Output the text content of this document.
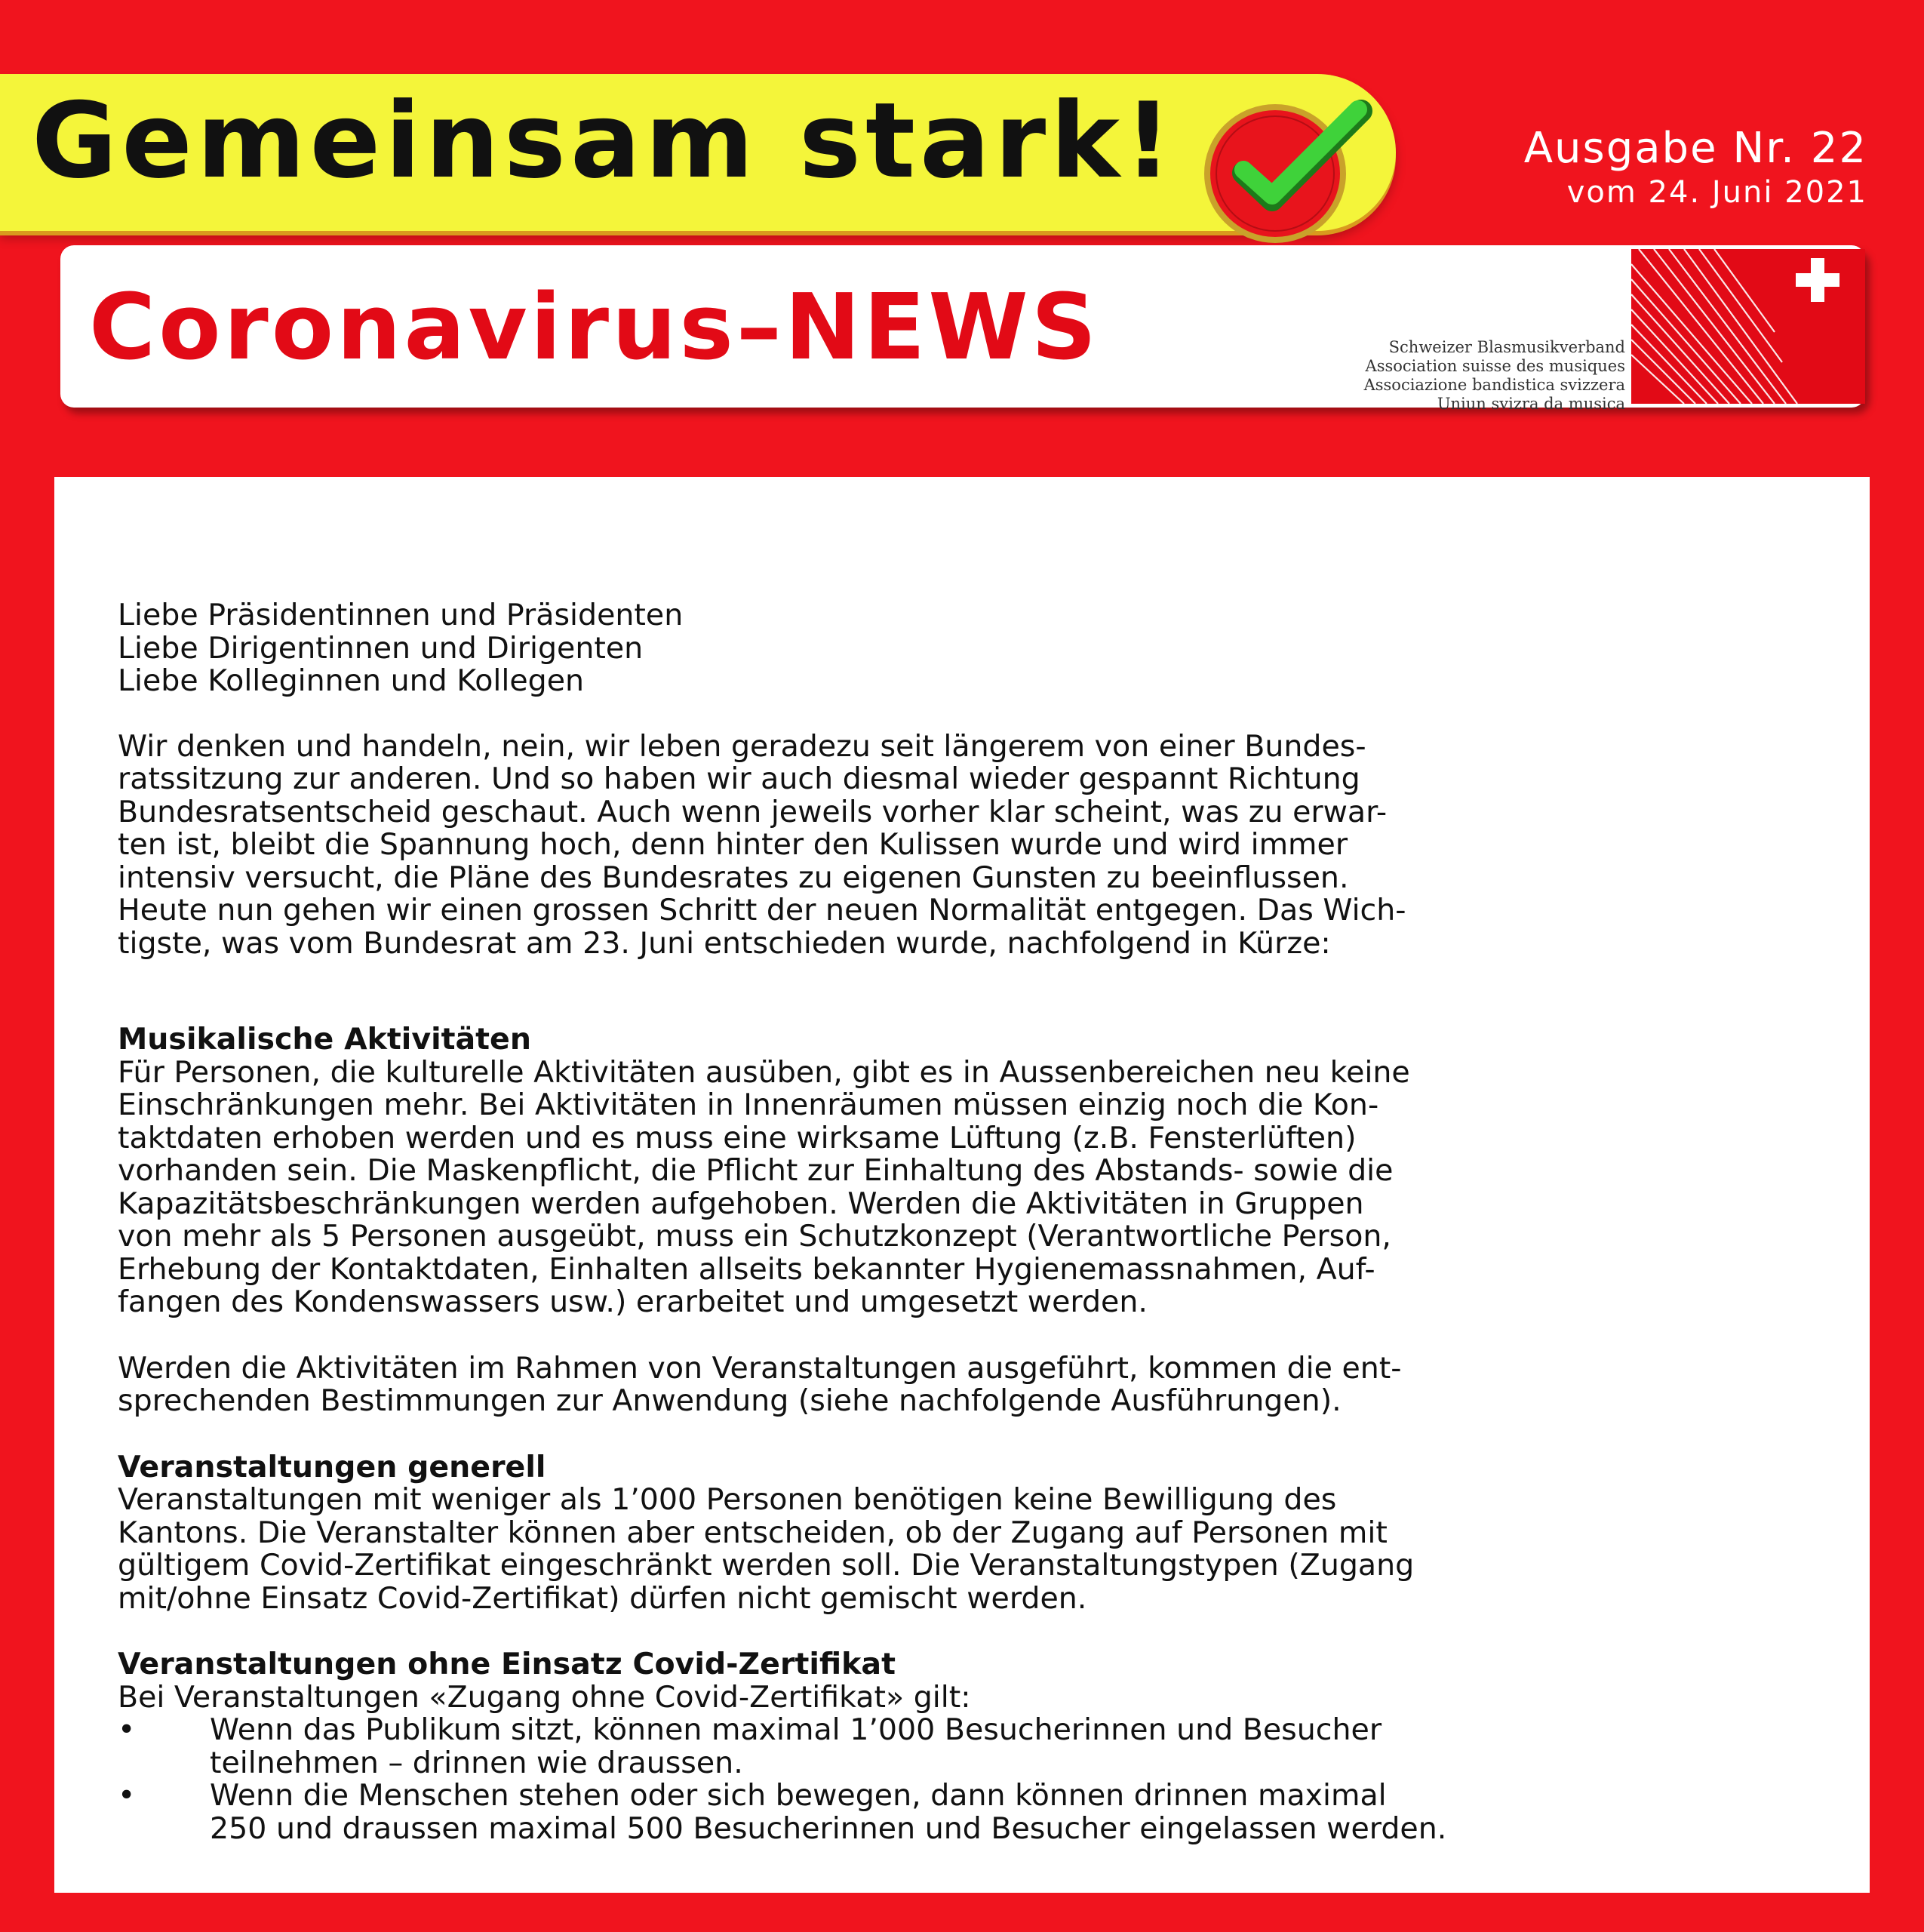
Gemeinsam stark!	Ausgabe Nr. 22
vom 24. Juni 2021
Coronavirus–NEWS	Schweizer Blasmusikverband
Association suisse des musiques
Associazione bandistica svizzera
Uniun svizra da musica

Liebe Präsidentinnen und Präsidenten

Liebe Dirigentinnen und Dirigenten

Liebe Kolleginnen und Kollegen

Wir denken und handeln, nein, wir leben geradezu seit längerem von einer Bundes-

ratssitzung zur anderen. Und so haben wir auch diesmal wieder gespannt Richtung

Bundesratsentscheid geschaut. Auch wenn jeweils vorher klar scheint, was zu erwar-

ten ist, bleibt die Spannung hoch, denn hinter den Kulissen wurde und wird immer

intensiv versucht, die Pläne des Bundesrates zu eigenen Gunsten zu beeinflussen.

Heute nun gehen wir einen grossen Schritt der neuen Normalität entgegen. Das Wich-

tigste, was vom Bundesrat am 23. Juni entschieden wurde, nachfolgend in Kürze:

Musikalische Aktivitäten

Für Personen, die kulturelle Aktivitäten ausüben, gibt es in Aussenbereichen neu keine

Einschränkungen mehr. Bei Aktivitäten in Innenräumen müssen einzig noch die Kon-

taktdaten erhoben werden und es muss eine wirksame Lüftung (z.B. Fensterlüften)

vorhanden sein. Die Maskenpflicht, die Pflicht zur Einhaltung des Abstands- sowie die

Kapazitätsbeschränkungen werden aufgehoben. Werden die Aktivitäten in Gruppen

von mehr als 5 Personen ausgeübt, muss ein Schutzkonzept (Verantwortliche Person,

Erhebung der Kontaktdaten, Einhalten allseits bekannter Hygienemassnahmen, Auf-

fangen des Kondenswassers usw.) erarbeitet und umgesetzt werden.

Werden die Aktivitäten im Rahmen von Veranstaltungen ausgeführt, kommen die ent-

sprechenden Bestimmungen zur Anwendung (siehe nachfolgende Ausführungen).

Veranstaltungen generell

Veranstaltungen mit weniger als 1’000 Personen benötigen keine Bewilligung des

Kantons. Die Veranstalter können aber entscheiden, ob der Zugang auf Personen mit

gültigem Covid-Zertifikat eingeschränkt werden soll. Die Veranstaltungstypen (Zugang

mit/ohne Einsatz Covid-Zertifikat) dürfen nicht gemischt werden.

Veranstaltungen ohne Einsatz Covid-Zertifikat

Bei Veranstaltungen «Zugang ohne Covid-Zertifikat» gilt:

• Wenn das Publikum sitzt, können maximal 1’000 Besucherinnen und Besucher

teilnehmen – drinnen wie draussen.

• Wenn die Menschen stehen oder sich bewegen, dann können drinnen maximal

250 und draussen maximal 500 Besucherinnen und Besucher eingelassen werden.
